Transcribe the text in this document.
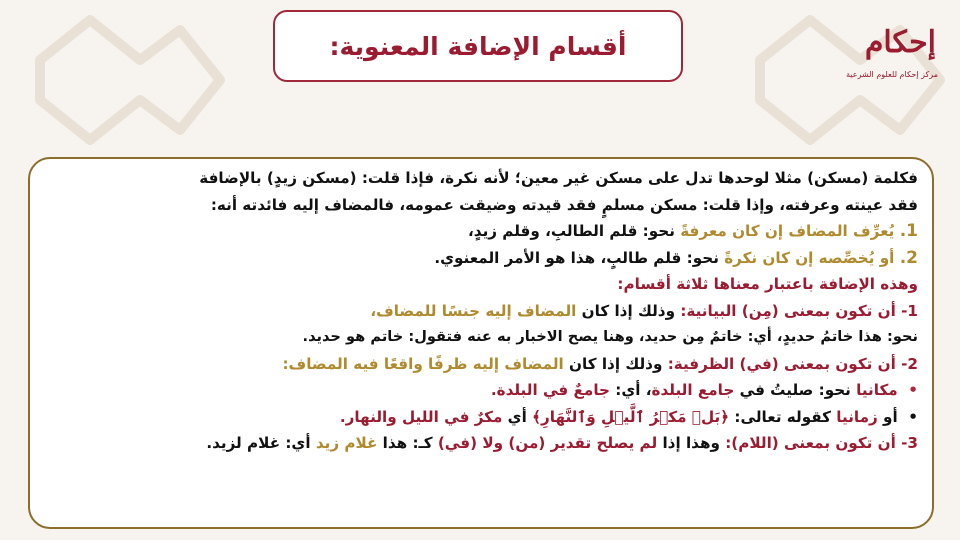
أقسام الإضافة المعنوية:	إحكام
مركز إحكام للعلوم الشرعية
فكلمة (مسكن) مثلا لوحدها تدل على مسكن غير معين؛ لأنه نكرة، فإذا قلت: (مسكن زيدٍ) بالإضافة
فقد عينته وعرفته، وإذا قلت: مسكن مسلمٍ فقد قيدته وضيقت عمومه، فالمضاف إليه فائدته أنه:
1. يُعرِّف المضاف إن كان معرفةً نحو: قلم الطالبِ، وقلم زيدٍ،
2. أو يُخصِّصه إن كان نكرةً نحو: قلم طالبٍ، هذا هو الأمر المعنوي.
وهذه الإضافة باعتبار معناها ثلاثة أقسام:
1- أن تكون بمعنى (مِن) البيانية: وذلك إذا كان المضاف إليه جنسًا للمضاف،
نحو: هذا خاتمُ حديدٍ، أي: خاتمٌ مِن حديد، وهنا يصح الاخبار به عنه فتقول: خاتم هو حديد.
2- أن تكون بمعنى (في) الظرفية: وذلك إذا كان المضاف إليه ظرفًا واقعًا فيه المضاف:
•  مكانيا نحو: صليتُ في جامع البلدة، أي: جامعٌ في البلدة.
•  أو زمانيا كقوله تعالى: ﴿بَلۡ مَكۡرُ ٱلَّيۡلِ وَٱلنَّهَارِ﴾ أي مكرٌ في الليل والنهار.
3- أن تكون بمعنى (اللام): وهذا إذا لم يصلح تقدير (من) ولا (في) كـ: هذا غلام زيد أي: غلام لزيد.
